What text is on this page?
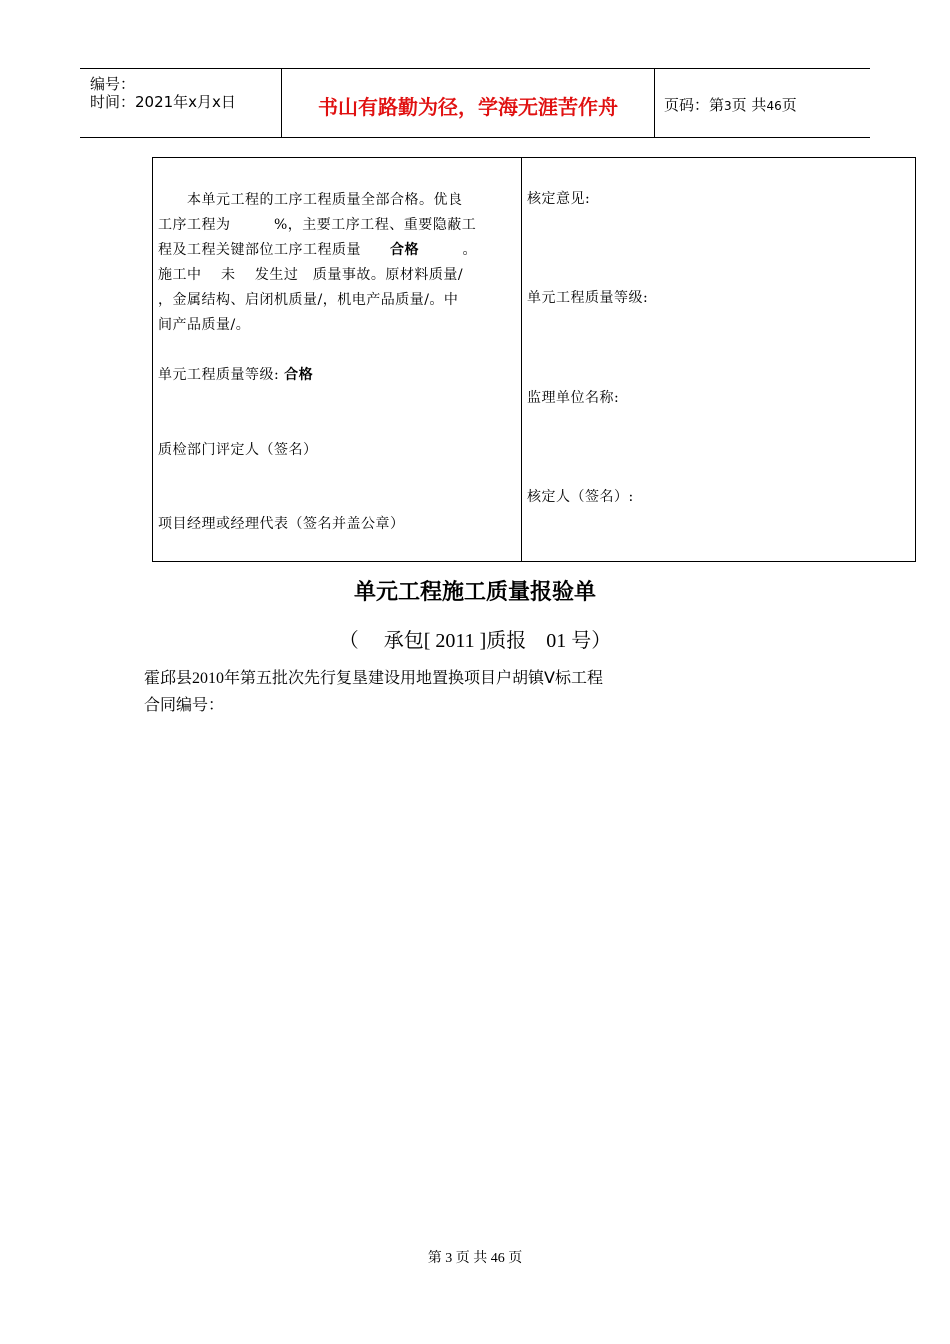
编号：
时间：2021年x月x日	书山有路勤为径，学海无涯苦作舟	页码：第3页 共46页
　　本单元工程的工序工程质量全部合格。优良
工序工程为　　　%，主要工序工程、重要隐蔽工
程及工程关键部位工序工程质量　　合格　　　。
施工中　 未　 发生过　质量事故。原材料质量/
，金属结构、启闭机质量/，机电产品质量/。中
间产品质量/。
单元工程质量等级: 合格
质检部门评定人（签名）
项目经理或经理代表（签名并盖公章）
核定意见:
单元工程质量等级:
监理单位名称:
核定人（签名）:
单元工程施工质量报验单
（　 承包[ 2011 ]质报　01 号）
霍邱县2010年第五批次先行复垦建设用地置换项目户胡镇Ⅴ标工程
合同编号：
第 3 页 共 46 页
